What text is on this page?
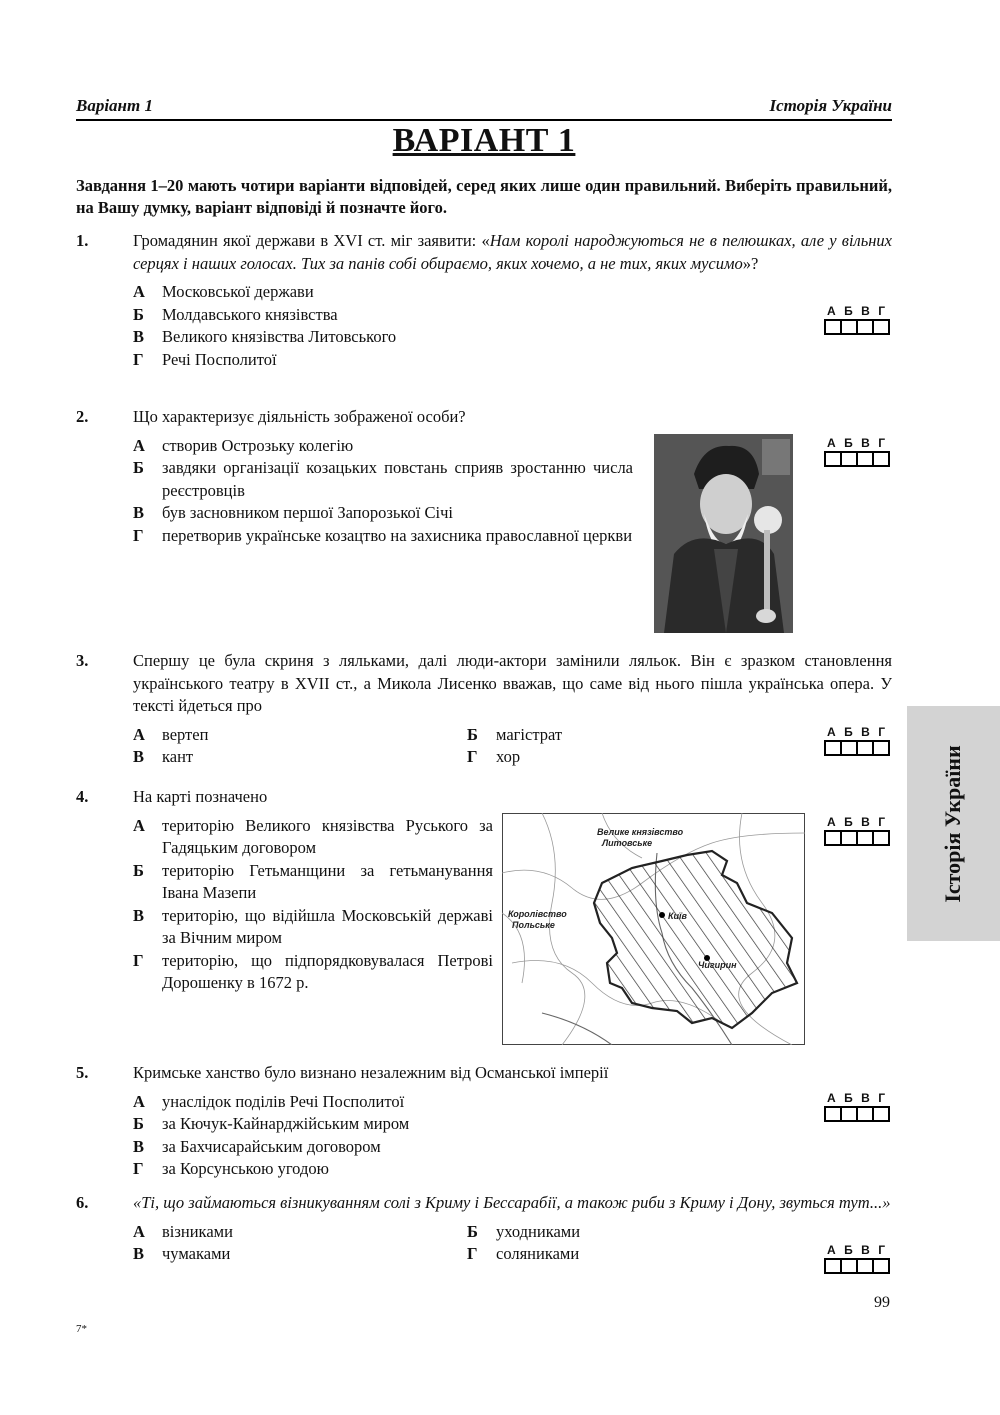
Варіант 1	Історія України
ВАРІАНТ 1
Завдання 1–20 мають чотири варіанти відповідей, серед яких лише один правильний. Виберіть правильний, на Вашу думку, варіант відповіді й позначте його.
1.	Громадянин якої держави в XVI ст. міг заявити: «Нам королі народжуються не в пелюшках, але у вільних серцях і наших голосах. Тих за панів собі обираємо, яких хочемо, а не тих, яких мусимо»?
А	Московської держави
Б	Молдавського князівства
В	Великого князівства Литовського
Г	Речі Посполитої
2.	Що характеризує діяльність зображеної особи?
А	створив Острозьку колегію
Б	завдяки організації козацьких повстань сприяв зростанню числа реєстровців
В	був засновником першої Запорозької Січі
Г	перетворив українське козацтво на захисника православної церкви
3.	Спершу це була скриня з ляльками, далі люди-актори замінили ляльок. Він є зразком становлення українського театру в XVII ст., а Микола Лисенко вважав, що саме від нього пішла українська опера. У тексті йдеться про
А	вертеп	Б	магістрат
В	кант	Г	хор
4.	На карті позначено
А	територію Великого князівства Руського за Гадяцьким договором
Б	територію Гетьманщини за гетьманування Івана Мазепи
В	територію, що відійшла Московській державі за Вічним миром
Г	територію, що підпорядковувалася Петрові Дорошенку в 1672 р.
Велике князівство
Литовське
Королівство
Польське
Київ
Чигирин
5.	Кримське ханство було визнано незалежним від Османської імперії
А	унаслідок поділів Речі Посполитої
Б	за Кючук-Кайнарджійським миром
В	за Бахчисарайським договором
Г	за Корсунською угодою
6.	«Ті, що займаються візникуванням солі з Криму і Бессарабії, а також риби з Криму і Дону, звуться тут...»
А	візниками	Б	уходниками
В	чумаками	Г	соляниками
А Б В Г
А Б В Г
А Б В Г
А Б В Г
А Б В Г
А Б В Г
Історія України
99
7*
